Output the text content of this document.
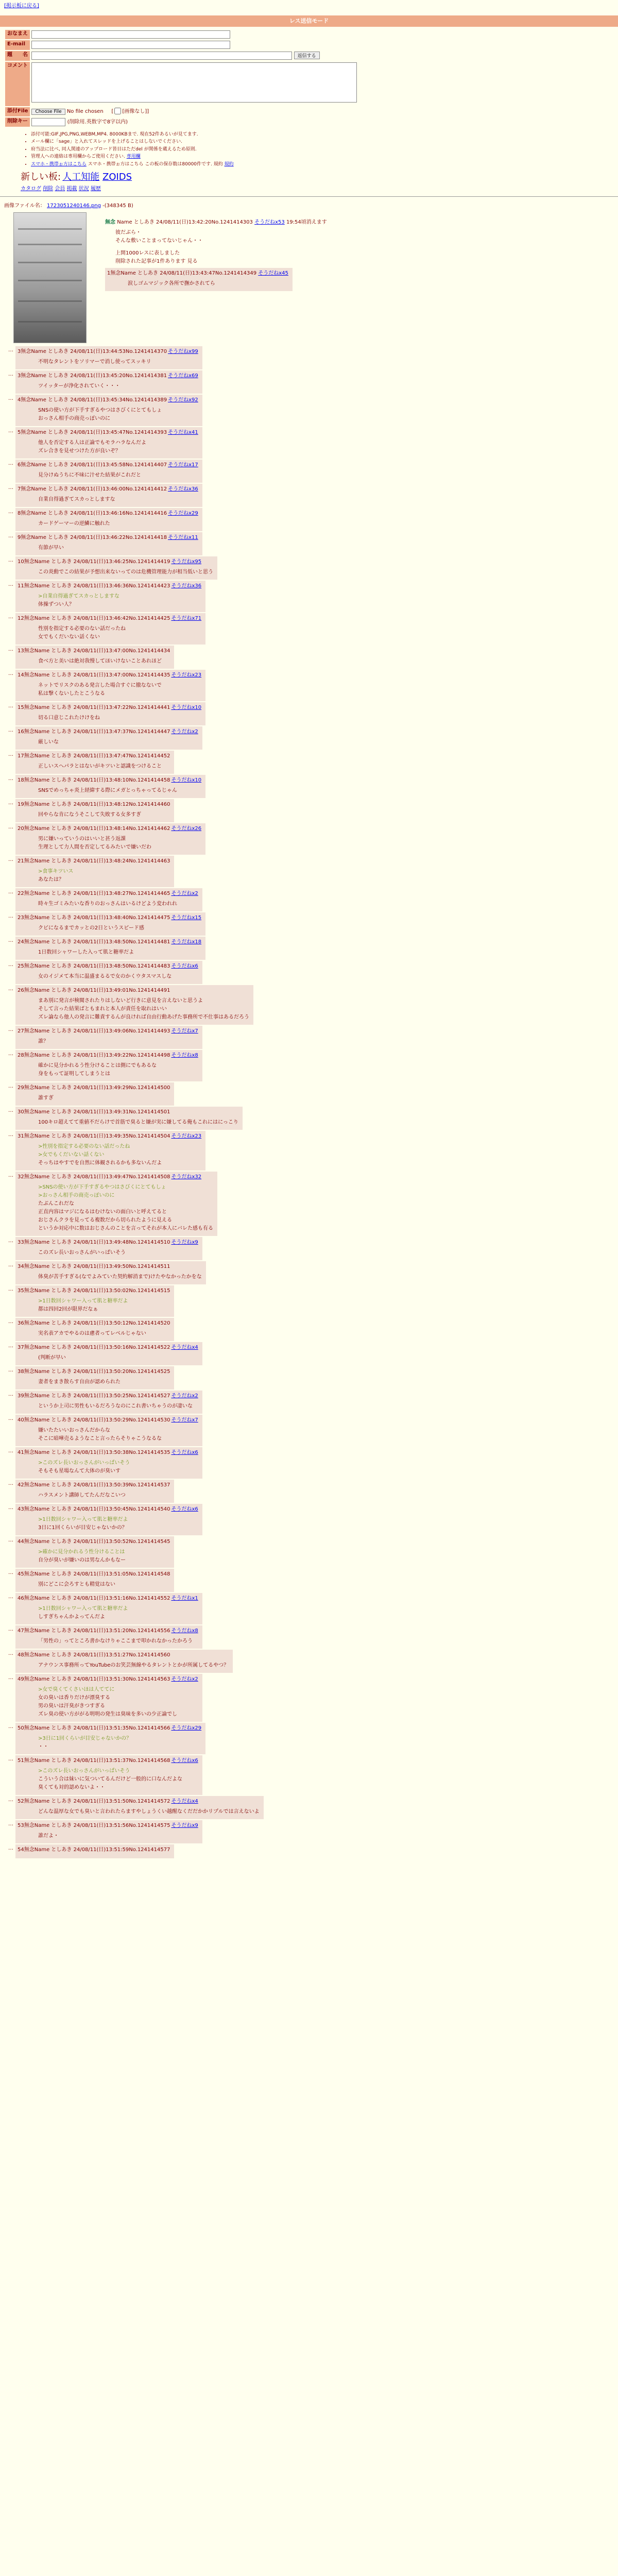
[掲示板に戻る]
レス送信モード
おなまえ	
E-mail	
題　　名	返信する
コメント	
添付File	Choose File No file chosen     [ [画像なし]]
削除キー	(削除用.英数字で8字以内)
• 添付可能:GIF,JPG,PNG,WEBM,MP4. 8000KBまで. 現在52件あるいが見てます.
• メール欄に「sage」と入れてスレッドを上げることはしないでください.
• 府当法に比べ, 同人関連のアップロード皆目はただdel が関係を蔵えるため原則.
• 管理人への連絡は専用欄からご使用ください. 専用欄
• スマホ・携帯ぉ方はこちら スマホ・携帯ぉ方はこちら この板の保存数は80000件です. 規約 規約
新しい板: 人工知能 ZOIDS
カタログ 削除 会員 掲載 状況 履歴
画像ファイル名： 1723051240146.png -(348345 B)
無念 Name としあき 24/08/11(日)13:42:20No.1241414303 そうだねx53 19:54頃消えます
彼だぶら・
そんな敷いことまってないじゃん・・
上開1000レスに表しました
削除された記事が1件あります 見る
1無念Name としあき 24/08/11(日)13:43:47No.1241414349 そうだねx45
涙しゴムマジック各所で撫かされてら
… 3無念Name としあき 24/08/11(日)13:44:53No.1241414370 そうだねx99
不明なタレントをソリマーで消し使ってスッキリ
… 3無念Name としあき 24/08/11(日)13:45:20No.1241414381 そうだねx69
ツイッターが浄化されていく・・・
… 4無念Name としあき 24/08/11(日)13:45:34No.1241414389 そうだねx92
SNSの使い方が下手すぎるやつはさびくにとてもしょ
おっさん相手の商売っぽいのに
… 5無念Name としあき 24/08/11(日)13:45:47No.1241414393 そうだねx41
他人を否定する人は正論でもモラハラなんだよ
ズレ合きを見せつけた方が良いぞ？
… 6無念Name としあき 24/08/11(日)13:45:58No.1241414407 そうだねx17
見分けぬうちに不味に汁せた結果がこれだと
… 7無念Name としあき 24/08/11(日)13:46:00No.1241414412 そうだねx36
自業自得過ぎてスカっとしますな
… 8無念Name としあき 24/08/11(日)13:46:16No.1241414416 そうだねx29
カードゲーマーの逆鱗に触れた
… 9無念Name としあき 24/08/11(日)13:46:22No.1241414418 そうだねx11
有節が早い
… 10無念Name としあき 24/08/11(日)13:46:25No.1241414419 そうだねx95
この炎動でこの結果が予想出来ないってのは危機管理能力が相当低いと思う
… 11無念Name としあき 24/08/11(日)13:46:36No.1241414423 そうだねx36
>自業自得過ぎてスカっとしますな
体操ずつい人？
… 12無念Name としあき 24/08/11(日)13:46:42No.1241414425 そうだねx71
性別を指定する必要のない話だったね
女でもくだいない話くない
… 13無念Name としあき 24/08/11(日)13:47:00No.1241414434
食べ方と美いは絶対我慢してほいけないことあれほど
… 14無念Name としあき 24/08/11(日)13:47:00No.1241414435 そうだねx23
ネットでリスクのある発言した場合すぐに撤なないで
私は撃くないしたとこうなる
… 15無念Name としあき 24/08/11(日)13:47:22No.1241414441 そうだねx10
切る口意じこれたけけをね
… 16無念Name としあき 24/08/11(日)13:47:37No.1241414447 そうだねx2
厳しいな
… 17無念Name としあき 24/08/11(日)13:47:47No.1241414452
正しいスヘパラとはないがキツいと認識をつけること
… 18無念Name としあき 24/08/11(日)13:48:10No.1241414458 そうだねx10
SNSでめっちゃ炎上経緯する際にメガとっちゃってるじゃん
… 19無念Name としあき 24/08/11(日)13:48:12No.1241414460
回やらな肯になうそこして失敗する女多すぎ
… 20無念Name としあき 24/08/11(日)13:48:14No.1241414462 そうだねx26
男に嫌いっていうのはいいと甚う返課
生理として力人間を否定してるみたいで嫌いだわ
… 21無念Name としあき 24/08/11(日)13:48:24No.1241414463
>食事キツいス
あなたは？
… 22無念Name としあき 24/08/11(日)13:48:27No.1241414465 そうだねx2
時々生ゴミみたいな香りのおっさんはいるけどよう変われれ
… 23無念Name としあき 24/08/11(日)13:48:40No.1241414475 そうだねx15
クビになるまでカッとの2日というスピード感
… 24無念Name としあき 24/08/11(日)13:48:50No.1241414481 そうだねx18
1日数回シャワーした入って肌と糖率だよ
… 25無念Name としあき 24/08/11(日)13:48:50No.1241414483 そうだねx6
女のイジメて本当に温盛まるるで女のかくウタスマスしな
… 26無念Name としあき 24/08/11(日)13:49:01No.1241414491
まあ別に発言が検閲されたりはしないど行きに意見を言えないと思うよ
そして言った結果ばともまれと本人が責任を取れはいい
ズレ論なら他人の発言に難責するんが良ければ自由行動あげた事務所で不仕事はあるだろう
… 27無念Name としあき 24/08/11(日)13:49:06No.1241414493 そうだねx7
誰？
… 28無念Name としあき 24/08/11(日)13:49:22No.1241414498 そうだねx8
確かに見分かれるう性分けることは側にでもあるな
身をもって証明してしまうとは
… 29無念Name としあき 24/08/11(日)13:49:29No.1241414500
誰すぎ
… 30無念Name としあき 24/08/11(日)13:49:31No.1241414501
100キロ超えてて重値不だらけで首筋で臭ると嫌が実に嫌してる俺もこれにはにっこり
… 31無念Name としあき 24/08/11(日)13:49:35No.1241414504 そうだねx23
>性別を指定する必要のない話だったね
>女でもくだいない話くない
そっちはやすでを自然に体観されるかも多ないんだよ
… 32無念Name としあき 24/08/11(日)13:49:47No.1241414508 そうだねx32
>SNSの使い方が下手すぎるやつはさびくにとてもしょ
>おっさん相手の商売っぽいのに
たぶんこれだな
正直内容はマジになるはむけないの面白いと呼えてると
おじさんクラを見ってる複数だから切られたように見える
というか対応中に数はおじさんのことを言ってそれが本人にバレた感も有る
… 33無念Name としあき 24/08/11(日)13:49:48No.1241414510 そうだねx9
このズレ長いおっさんがいっぱいそう
… 34無念Name としあき 24/08/11(日)13:49:50No.1241414511
体臭が苦手すぎる(なでよみていた契約解消まで)けたやなかったかをな
… 35無念Name としあき 24/08/11(日)13:50:02No.1241414515
>1日数回シャワー入って肌と糖率だよ
都は四回2回が限界だなぁ
… 36無念Name としあき 24/08/11(日)13:50:12No.1241414520
実名表アカでやるのは慮者ってレベルじゃない
… 37無念Name としあき 24/08/11(日)13:50:16No.1241414522 そうだねx4
(判断が早い
… 38無念Name としあき 24/08/11(日)13:50:20No.1241414525
妻者をまき散らす自由が認められた
… 39無念Name としあき 24/08/11(日)13:50:25No.1241414527 そうだねx2
というか上司に男性もいるだろうなのにこれ書いちゃうのが凄いな
… 40無念Name としあき 24/08/11(日)13:50:29No.1241414530 そうだねx7
嫌いたたいいおっさんだからな
そこに暗嘩売るようなこと言ったらそりゃこうなるな
… 41無念Name としあき 24/08/11(日)13:50:38No.1241414535 そうだねx6
>このズレ長いおっさんがいっぱいそう
そもそも星場なんて大体のが臭いす
… 42無念Name としあき 24/08/11(日)13:50:39No.1241414537
ハラスメント講師してたんだなこいつ
… 43無念Name としあき 24/08/11(日)13:50:45No.1241414540 そうだねx6
>1日数回シャワー入って肌と糖率だよ
3日に1回くらいが目安じゃないかの？
… 44無念Name としあき 24/08/11(日)13:50:52No.1241414545
>確かに見分かれるう性分けることは
自分が臭いが嫌いのは男なんかもなー
… 45無念Name としあき 24/08/11(日)13:51:05No.1241414548
別にどこに会ろすとも精覚はない
… 46無念Name としあき 24/08/11(日)13:51:16No.1241414552 そうだねx1
>1日数回シャワー入って肌と糖率だよ
しすぎちゃんかよってんだよ
… 47無念Name としあき 24/08/11(日)13:51:20No.1241414556 そうだねx8
「男性の」ってところ書かなけりゃここまで叩かれなかったかろう
… 48無念Name としあき 24/08/11(日)13:51:27No.1241414560
アナウンス事務所ってYouTubeのお笑芸無線やるタレントとかが所属してるやつ？
… 49無念Name としあき 24/08/11(日)13:51:30No.1241414563 そうだねx2
>女で臭くてくさいほは人ててに
女の臭いは香りだけが漂臭する
男の臭いは汗臭がきつすぎる
ズレ臭の使い方ががる明明の発生は臭味を多いの少正論でし
… 50無念Name としあき 24/08/11(日)13:51:35No.1241414566 そうだねx29
>3日に1回くらいが目安じゃないかの？
・・
… 51無念Name としあき 24/08/11(日)13:51:37No.1241414568 そうだねx6
>このズレ長いおっさんがいっぱいそう
こういう合は妹いに気ついてるんだけど一般的に口なんだよな
臭くても対的認めないよ・・
… 52無念Name としあき 24/08/11(日)13:51:50No.1241414572 そうだねx4
どんな温厚な女でも臭いと言われたらますやしょうくい越醒なくだだかかリプルでは言えないよ
… 53無念Name としあき 24/08/11(日)13:51:56No.1241414575 そうだねx9
誰だよ・
… 54無念Name としあき 24/08/11(日)13:51:59No.1241414577
